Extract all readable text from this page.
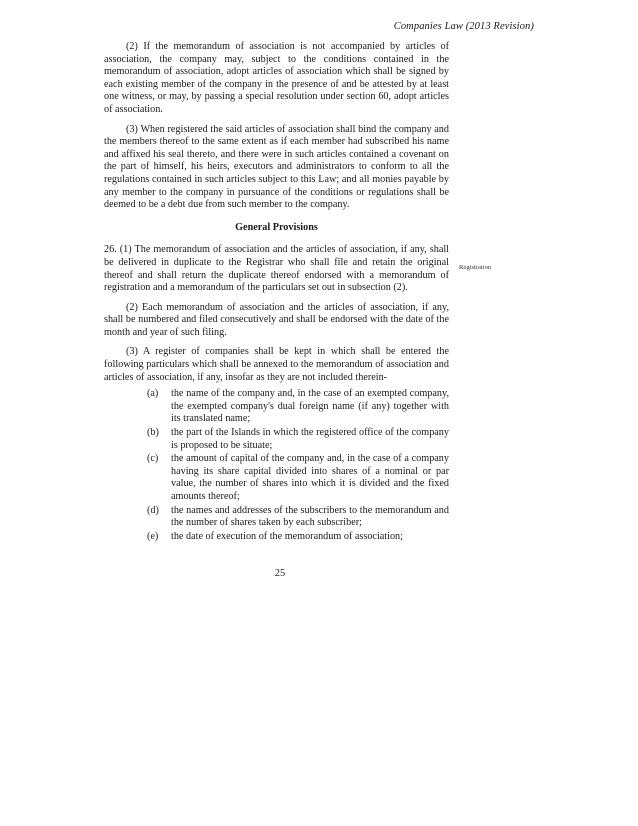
Companies Law (2013 Revision)
Registration

(2) If the memorandum of association is not accompanied by articles of association, the company may, subject to the conditions contained in the memorandum of association, adopt articles of association which shall be signed by each existing member of the company in the presence of and be attested by at least one witness, or may, by passing a special resolution under section 60, adopt articles of association.

(3) When registered the said articles of association shall bind the company and the members thereof to the same extent as if each member had subscribed his name and affixed his seal thereto, and there were in such articles contained a covenant on the part of himself, his heirs, executors and administrators to conform to all the regulations contained in such articles subject to this Law; and all monies payable by any member to the company in pursuance of the conditions or regulations shall be deemed to be a debt due from such member to the company.

General Provisions

26. (1) The memorandum of association and the articles of association, if any, shall be delivered in duplicate to the Registrar who shall file and retain the original thereof and shall return the duplicate thereof endorsed with a memorandum of registration and a memorandum of the particulars set out in subsection (2).

(2) Each memorandum of association and the articles of association, if any, shall be numbered and filed consecutively and shall be endorsed with the date of the month and year of such filing.

(3) A register of companies shall be kept in which shall be entered the following particulars which shall be annexed to the memorandum of association and articles of association, if any, insofar as they are not included therein-

(a)	the name of the company and, in the case of an exempted company, the exempted company's dual foreign name (if any) together with its translated name;
(b)	the part of the Islands in which the registered office of the company is proposed to be situate;
(c)	the amount of capital of the company and, in the case of a company having its share capital divided into shares of a nominal or par value, the number of shares into which it is divided and the fixed amounts thereof;
(d)	the names and addresses of the subscribers to the memorandum and the number of shares taken by each subscriber;
(e)	the date of execution of the memorandum of association;
25
